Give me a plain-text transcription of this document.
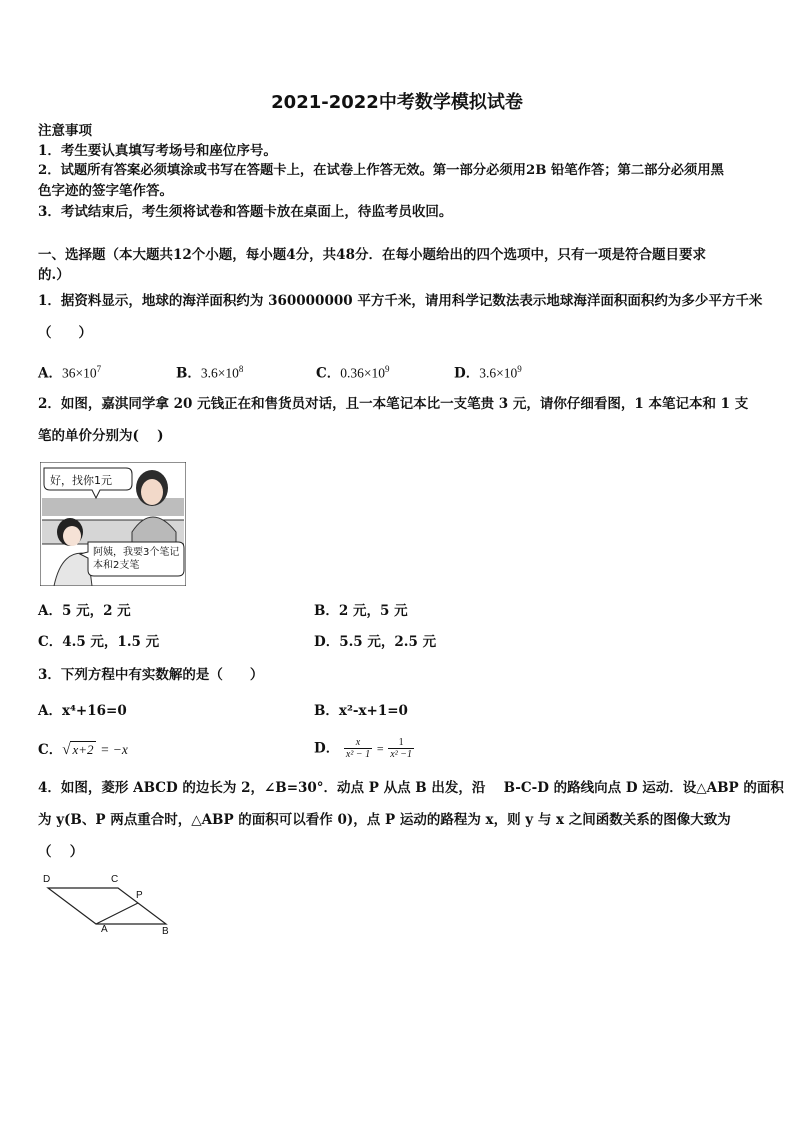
2021-2022中考数学模拟试卷
注意事项
1．考生要认真填写考场号和座位序号。
2．试题所有答案必须填涂或书写在答题卡上，在试卷上作答无效。第一部分必须用2B 铅笔作答；第二部分必须用黑
色字迹的签字笔作答。
3．考试结束后，考生须将试卷和答题卡放在桌面上，待监考员收回。
一、选择题（本大题共12个小题，每小题4分，共48分．在每小题给出的四个选项中，只有一项是符合题目要求
的.）
1．据资料显示，地球的海洋面积约为 360000000 平方千米，请用科学记数法表示地球海洋面积面积约为多少平方千米
（　　）
A．$36\times 10^7$	B．$3.6\times 10^8$	C．$0.36\times 10^9$	D．$3.6\times 10^9$
2．如图，嘉淇同学拿 20 元钱正在和售货员对话，且一本笔记本比一支笔贵 3 元，请你仔细看图，1 本笔记本和 1 支
笔的单价分别为(　 )
好，找你1元
阿姨，我要3个笔记
本和2支笔
A．5 元，2 元	B．2 元，5 元
C．4.5 元，1.5 元	D．5.5 元，2.5 元
3．下列方程中有实数解的是（　　）
A．x⁴+16=0	B．x²-x+1=0
C．√ x+2 = −x	D． $\frac{x}{\text{x² − 1}} = \frac{1}{\text{x² −1}}$
4．如图，菱形 ABCD 的边长为 2，∠B=30°．动点 P 从点 B 出发，沿　 B-C-D 的路线向点 D 运动．设△ABP 的面积
为 y(B、P 两点重合时，△ABP 的面积可以看作 0)，点 P 运动的路程为 x，则 y 与 x 之间函数关系的图像大致为
（　 ）
D	C
P
A	B
